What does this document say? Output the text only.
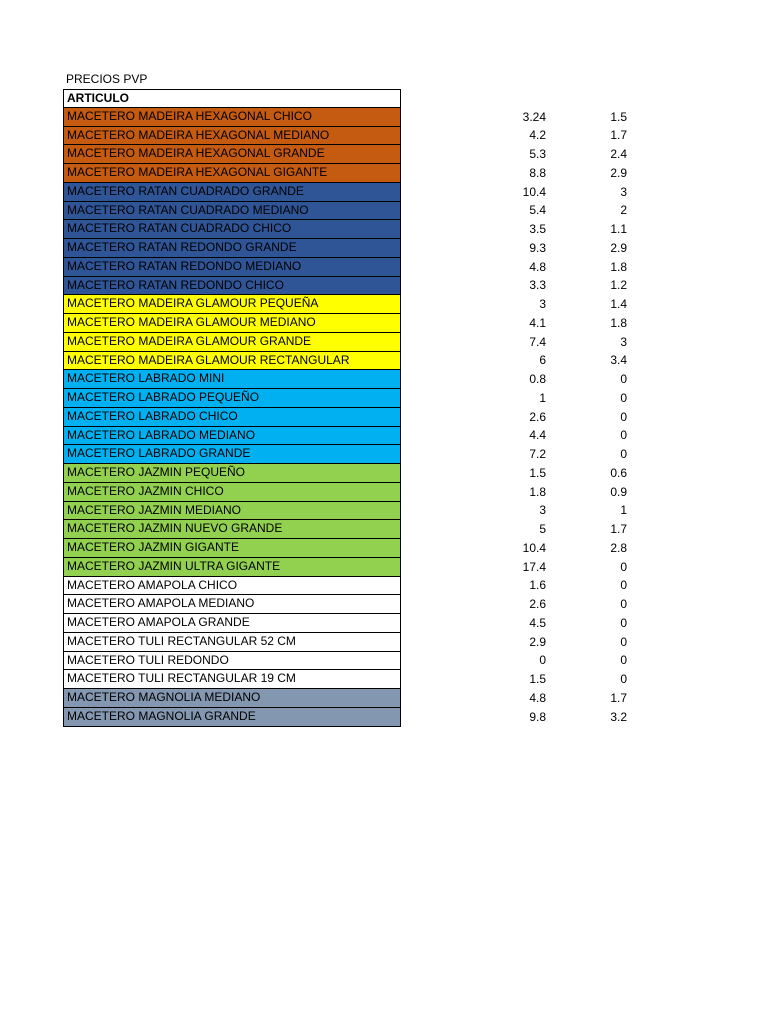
PRECIOS PVP
ARTICULO
MACETERO MADEIRA HEXAGONAL CHICO	3.24	1.5
MACETERO MADEIRA HEXAGONAL MEDIANO	4.2	1.7
MACETERO MADEIRA HEXAGONAL GRANDE	5.3	2.4
MACETERO MADEIRA HEXAGONAL GIGANTE	8.8	2.9
MACETERO RATAN CUADRADO GRANDE	10.4	3
MACETERO RATAN CUADRADO MEDIANO	5.4	2
MACETERO RATAN CUADRADO CHICO	3.5	1.1
MACETERO RATAN REDONDO GRANDE	9.3	2.9
MACETERO RATAN REDONDO MEDIANO	4.8	1.8
MACETERO RATAN REDONDO CHICO	3.3	1.2
MACETERO MADEIRA GLAMOUR PEQUEÑA	3	1.4
MACETERO MADEIRA GLAMOUR MEDIANO	4.1	1.8
MACETERO MADEIRA GLAMOUR GRANDE	7.4	3
MACETERO MADEIRA GLAMOUR RECTANGULAR	6	3.4
MACETERO LABRADO MINI	0.8	0
MACETERO LABRADO PEQUEÑO	1	0
MACETERO LABRADO CHICO	2.6	0
MACETERO LABRADO MEDIANO	4.4	0
MACETERO LABRADO GRANDE	7.2	0
MACETERO JAZMIN PEQUEÑO	1.5	0.6
MACETERO JAZMIN CHICO	1.8	0.9
MACETERO JAZMIN MEDIANO	3	1
MACETERO JAZMIN NUEVO GRANDE	5	1.7
MACETERO JAZMIN GIGANTE	10.4	2.8
MACETERO JAZMIN ULTRA GIGANTE	17.4	0
MACETERO AMAPOLA CHICO	1.6	0
MACETERO AMAPOLA MEDIANO	2.6	0
MACETERO AMAPOLA GRANDE	4.5	0
MACETERO TULI RECTANGULAR 52 CM	2.9	0
MACETERO TULI REDONDO	0	0
MACETERO TULI RECTANGULAR 19 CM	1.5	0
MACETERO MAGNOLIA MEDIANO	4.8	1.7
MACETERO MAGNOLIA GRANDE	9.8	3.2
